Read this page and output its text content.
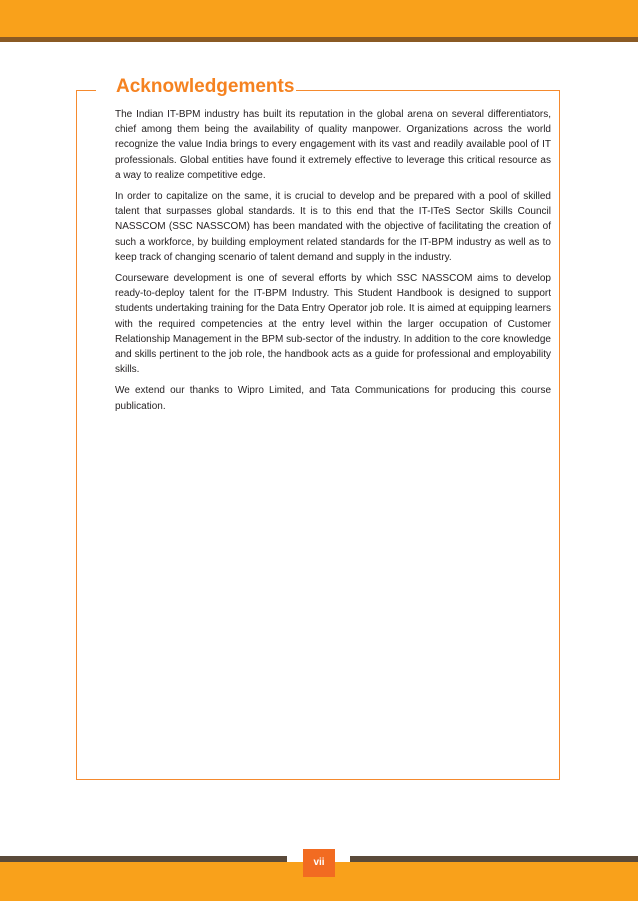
Acknowledgements

The Indian IT-BPM industry has built its reputation in the global arena on several differentiators, chief among them being the availability of quality manpower. Organizations across the world recognize the value India brings to every engagement with its vast and readily available pool of IT professionals. Global entities have found it extremely effective to leverage this critical resource as a way to realize competitive edge.

In order to capitalize on the same, it is crucial to develop and be prepared with a pool of skilled talent that surpasses global standards. It is to this end that the IT-ITeS Sector Skills Council NASSCOM (SSC NASSCOM) has been mandated with the objective of facilitating the creation of such a workforce, by building employment related standards for the IT-BPM industry as well as to keep track of changing scenario of talent demand and supply in the industry.

Courseware development is one of several efforts by which SSC NASSCOM aims to develop ready-to-deploy talent for the IT-BPM Industry. This Student Handbook is designed to support students undertaking training for the Data Entry Operator job role. It is aimed at equipping learners with the required competencies at the entry level within the larger occupation of Customer Relationship Management in the BPM sub-sector of the industry. In addition to the core knowledge and skills pertinent to the job role, the handbook acts as a guide for professional and employability skills.

We extend our thanks to Wipro Limited, and Tata Communications for producing this course publication.

vii
